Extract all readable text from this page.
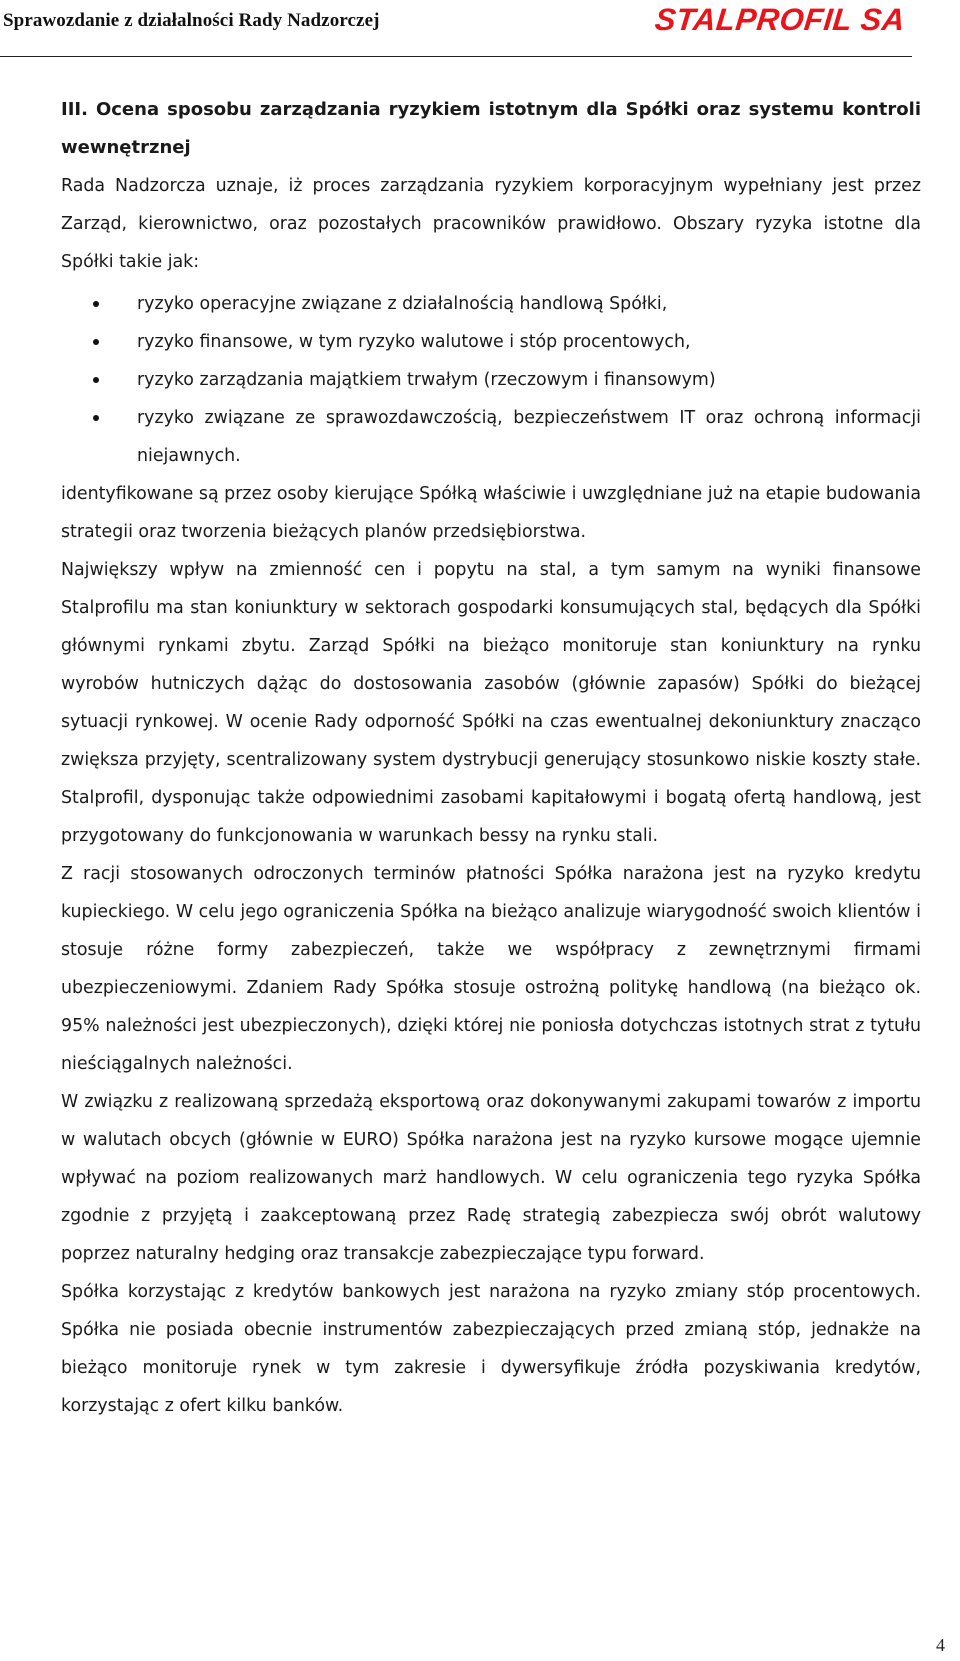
Sprawozdanie z działalności Rady Nadzorczej	STALPROFIL SA
III. Ocena sposobu zarządzania ryzykiem istotnym dla Spółki oraz systemu kontroli wewnętrznej

Rada Nadzorcza uznaje, iż proces zarządzania ryzykiem korporacyjnym wypełniany jest przez Zarząd, kierownictwo, oraz pozostałych pracowników prawidłowo. Obszary ryzyka istotne dla Spółki takie jak:

ryzyko operacyjne związane z działalnością handlową Spółki,
ryzyko finansowe, w tym ryzyko walutowe i stóp procentowych,
ryzyko zarządzania majątkiem trwałym (rzeczowym i finansowym)
ryzyko związane ze sprawozdawczością, bezpieczeństwem IT oraz ochroną informacji niejawnych.

identyfikowane są przez osoby kierujące Spółką właściwie i uwzględniane już na etapie budowania strategii oraz tworzenia bieżących planów przedsiębiorstwa.

Największy wpływ na zmienność cen i popytu na stal, a tym samym na wyniki finansowe Stalprofilu ma stan koniunktury w sektorach gospodarki konsumujących stal, będących dla Spółki głównymi rynkami zbytu. Zarząd Spółki na bieżąco monitoruje stan koniunktury na rynku wyrobów hutniczych dążąc do dostosowania zasobów (głównie zapasów) Spółki do bieżącej sytuacji rynkowej. W ocenie Rady odporność Spółki na czas ewentualnej dekoniunktury znacząco zwiększa przyjęty, scentralizowany system dystrybucji generujący stosunkowo niskie koszty stałe. Stalprofil, dysponując także odpowiednimi zasobami kapitałowymi i bogatą ofertą handlową, jest przygotowany do funkcjonowania w warunkach bessy na rynku stali.

Z racji stosowanych odroczonych terminów płatności Spółka narażona jest na ryzyko kredytu kupieckiego. W celu jego ograniczenia Spółka na bieżąco analizuje wiarygodność swoich klientów i stosuje różne formy zabezpieczeń, także we współpracy z zewnętrznymi firmami ubezpieczeniowymi. Zdaniem Rady Spółka stosuje ostrożną politykę handlową (na bieżąco ok. 95% należności jest ubezpieczonych), dzięki której nie poniosła dotychczas istotnych strat z tytułu nieściągalnych należności.

W związku z realizowaną sprzedażą eksportową oraz dokonywanymi zakupami towarów z importu w walutach obcych (głównie w EURO) Spółka narażona jest na ryzyko kursowe mogące ujemnie wpływać na poziom realizowanych marż handlowych. W celu ograniczenia tego ryzyka Spółka zgodnie z przyjętą i zaakceptowaną przez Radę strategią zabezpiecza swój obrót walutowy poprzez naturalny hedging oraz transakcje zabezpieczające typu forward.

Spółka korzystając z kredytów bankowych jest narażona na ryzyko zmiany stóp procentowych. Spółka nie posiada obecnie instrumentów zabezpieczających przed zmianą stóp, jednakże na bieżąco monitoruje rynek w tym zakresie i dywersyfikuje źródła pozyskiwania kredytów, korzystając z ofert kilku banków.

4
